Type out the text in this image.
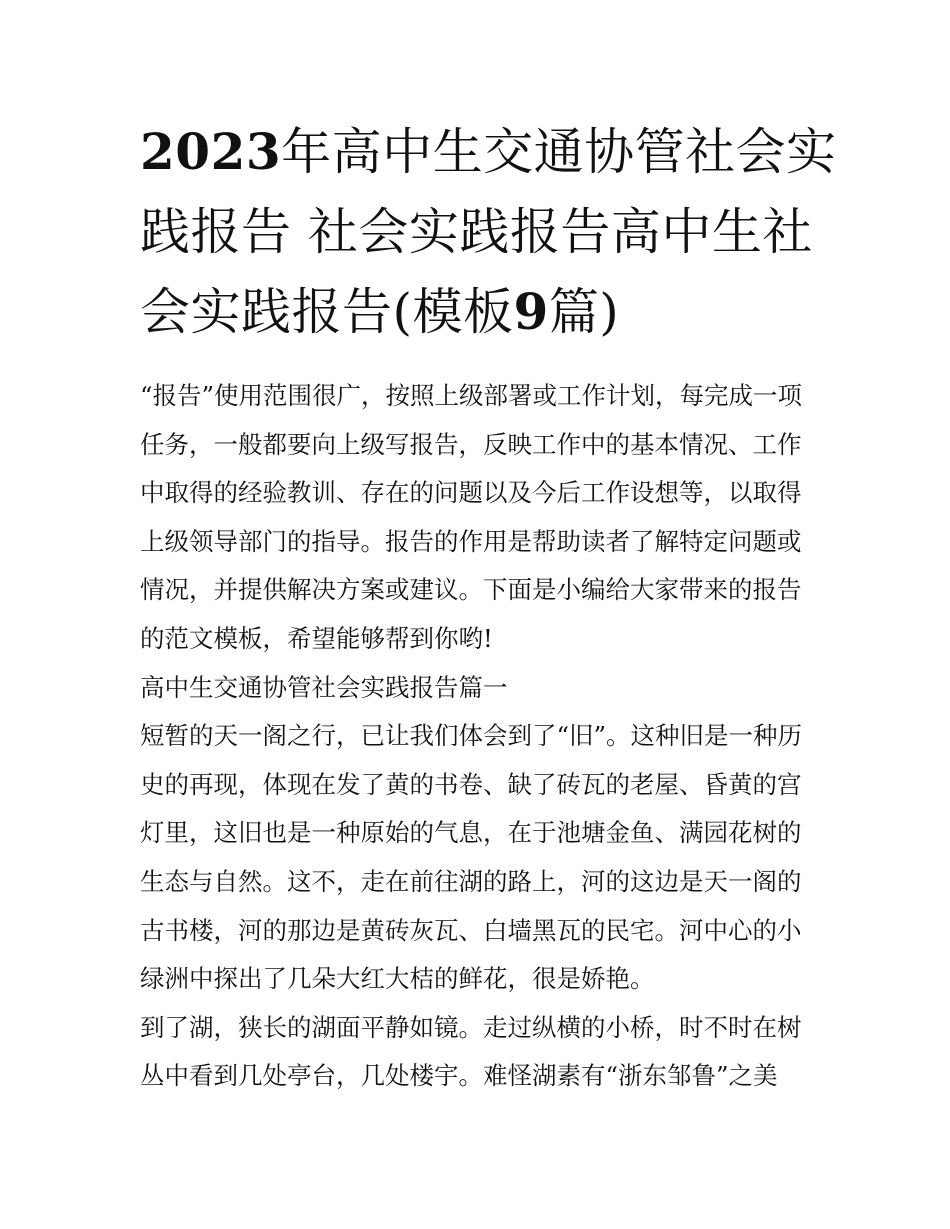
2023年高中生交通协管社会实
践报告 社会实践报告高中生社
会实践报告(模板9篇)

“报告”使用范围很广，按照上级部署或工作计划，每完成一项
任务，一般都要向上级写报告，反映工作中的基本情况、工作
中取得的经验教训、存在的问题以及今后工作设想等，以取得
上级领导部门的指导。报告的作用是帮助读者了解特定问题或
情况，并提供解决方案或建议。下面是小编给大家带来的报告
的范文模板，希望能够帮到你哟!

高中生交通协管社会实践报告篇一

短暂的天一阁之行，已让我们体会到了“旧”。这种旧是一种历
史的再现，体现在发了黄的书卷、缺了砖瓦的老屋、昏黄的宫
灯里，这旧也是一种原始的气息，在于池塘金鱼、满园花树的
生态与自然。这不，走在前往湖的路上，河的这边是天一阁的
古书楼，河的那边是黄砖灰瓦、白墙黑瓦的民宅。河中心的小
绿洲中探出了几朵大红大桔的鲜花，很是娇艳。

到了湖，狭长的湖面平静如镜。走过纵横的小桥，时不时在树
丛中看到几处亭台，几处楼宇。难怪湖素有“浙东邹鲁”之美
